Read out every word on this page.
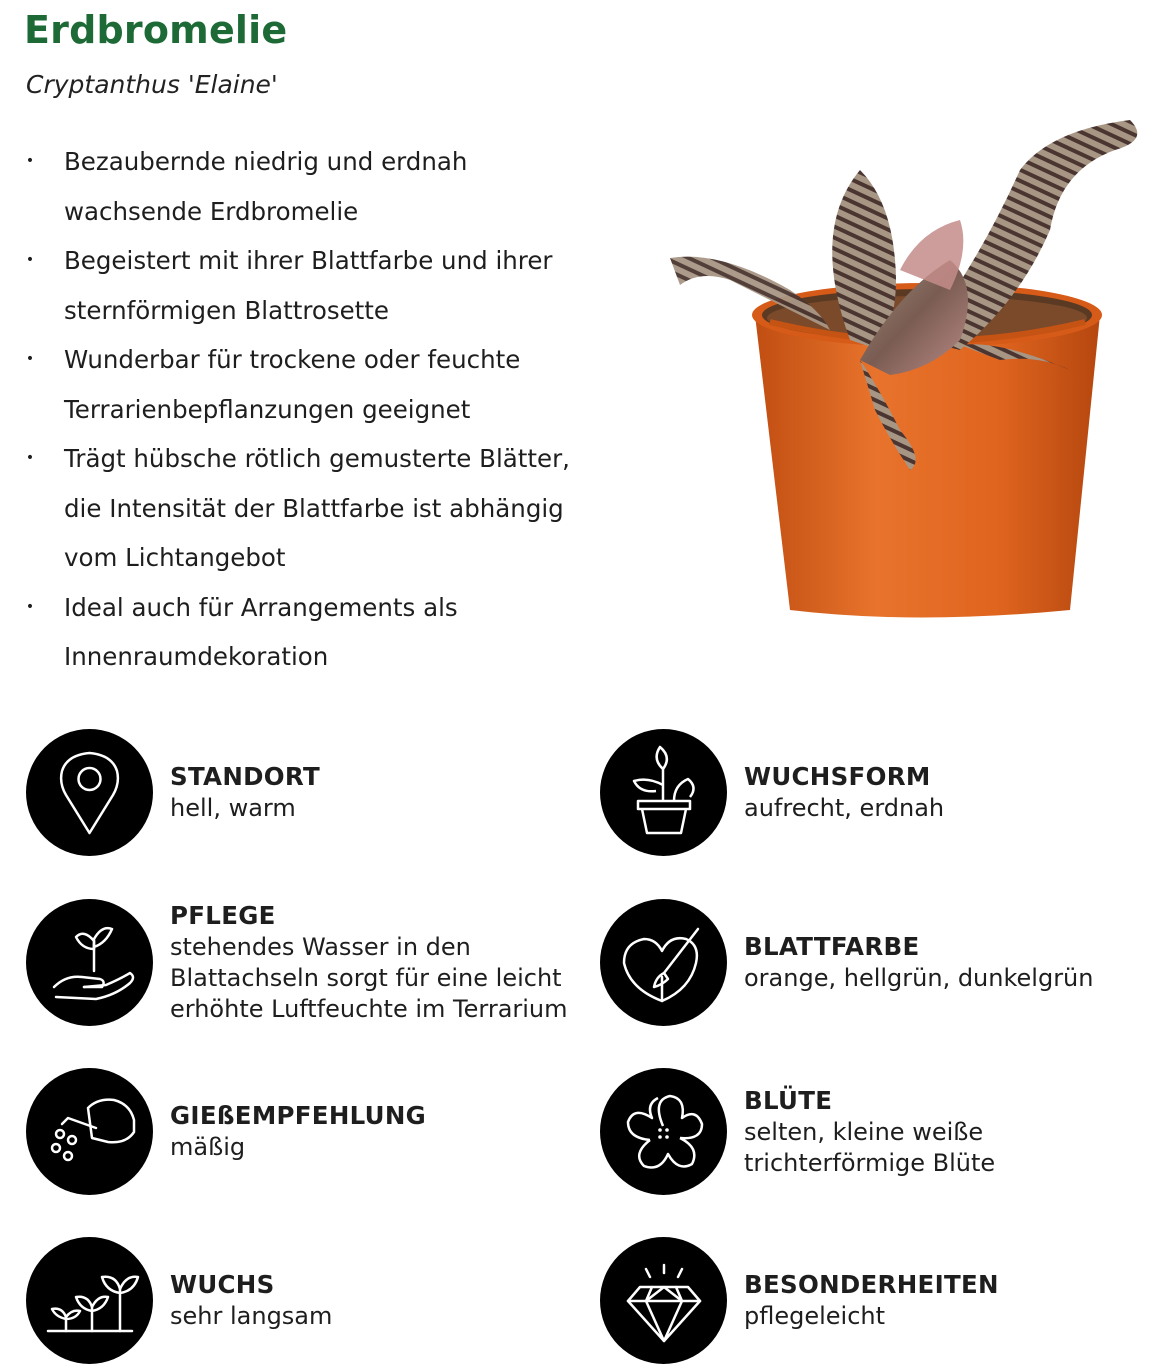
Erdbromelie

Cryptanthus 'Elaine'

• Bezaubernde niedrig und erdnah
wachsende Erdbromelie
• Begeistert mit ihrer Blattfarbe und ihrer
sternförmigen Blattrosette
• Wunderbar für trockene oder feuchte
Terrarienbepflanzungen geeignet
• Trägt hübsche rötlich gemusterte Blätter,
die Intensität der Blattfarbe ist abhängig
vom Lichtangebot
• Ideal auch für Arrangements als
Innenraumdekoration
STANDORT
hell, warm
WUCHSFORM
aufrecht, erdnah
PFLEGE
stehendes Wasser in den
Blattachseln sorgt für eine leicht
erhöhte Luftfeuchte im Terrarium
BLATTFARBE
orange, hellgrün, dunkelgrün
GIEßEMPFEHLUNG
mäßig
BLÜTE
selten, kleine weiße
trichterförmige Blüte
WUCHS
sehr langsam
BESONDERHEITEN
pflegeleicht
